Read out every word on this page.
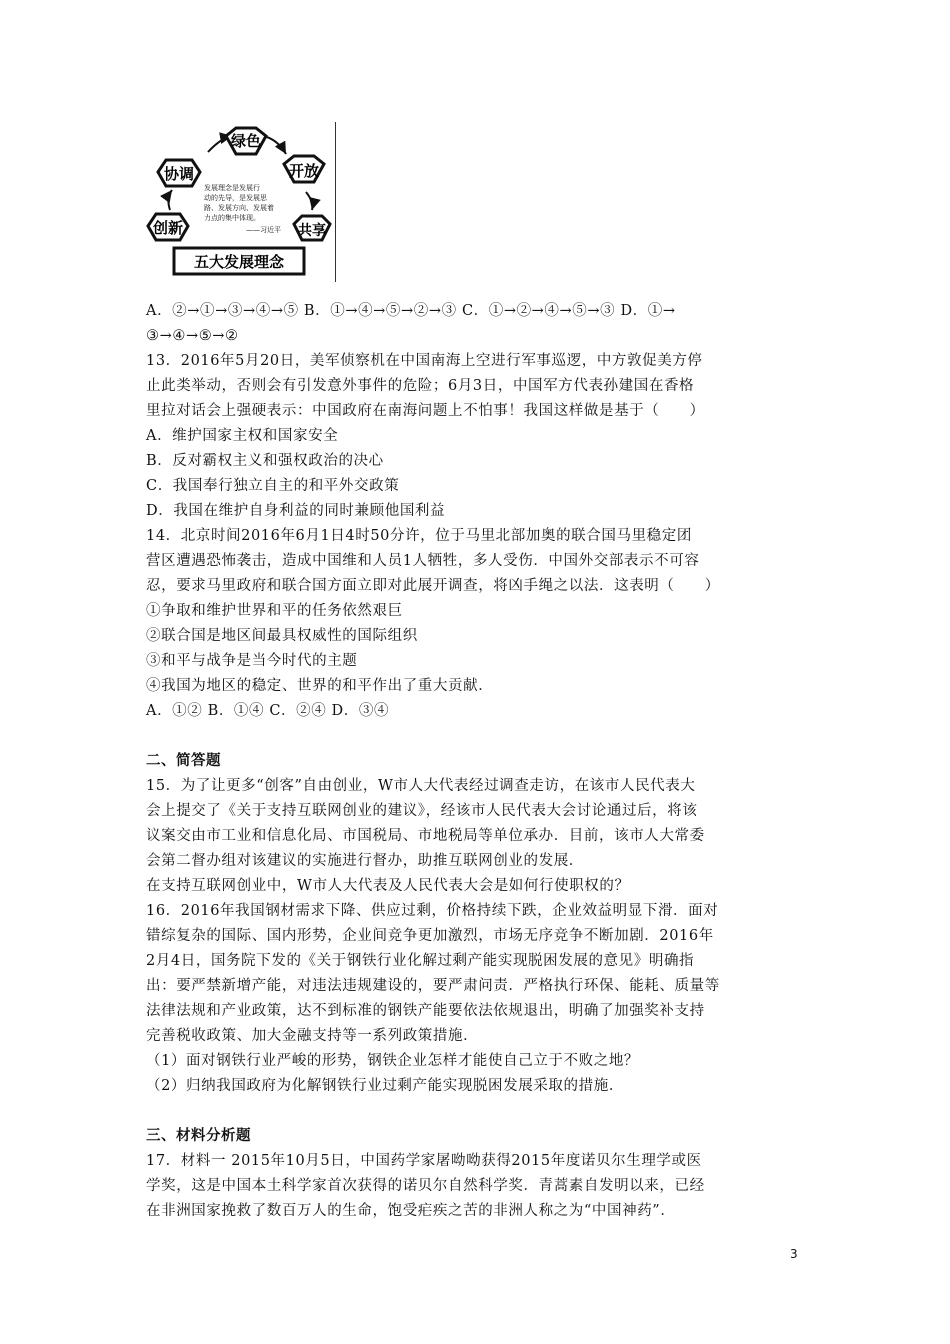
发展理念是发展行
动的先导，是发展思
路、发展方向、发展着
力点的集中体现。
——习近平
绿色
开放
共享
创新
协调
五大发展理念
A．②→①→③→④→⑤ B．①→④→⑤→②→③ C．①→②→④→⑤→③ D．①→
③→④→⑤→②
13．2016年5月20日，美军侦察机在中国南海上空进行军事巡逻，中方敦促美方停
止此类举动，否则会有引发意外事件的危险；6月3日，中国军方代表孙建国在香格
里拉对话会上强硬表示：中国政府在南海问题上不怕事！我国这样做是基于（　　）
A．维护国家主权和国家安全
B．反对霸权主义和强权政治的决心
C．我国奉行独立自主的和平外交政策
D．我国在维护自身利益的同时兼顾他国利益
14．北京时间2016年6月1日4时50分许，位于马里北部加奥的联合国马里稳定团
营区遭遇恐怖袭击，造成中国维和人员1人牺牲，多人受伤．中国外交部表示不可容
忍，要求马里政府和联合国方面立即对此展开调查，将凶手绳之以法．这表明（　　）
①争取和维护世界和平的任务依然艰巨
②联合国是地区间最具权威性的国际组织
③和平与战争是当今时代的主题
④我国为地区的稳定、世界的和平作出了重大贡献．
A．①② B．①④ C．②④ D．③④
二、简答题
15．为了让更多“创客”自由创业，W市人大代表经过调查走访，在该市人民代表大
会上提交了《关于支持互联网创业的建议》，经该市人民代表大会讨论通过后，将该
议案交由市工业和信息化局、市国税局、市地税局等单位承办．目前，该市人大常委
会第二督办组对该建议的实施进行督办，助推互联网创业的发展．
在支持互联网创业中，W市人大代表及人民代表大会是如何行使职权的？
16．2016年我国钢材需求下降、供应过剩，价格持续下跌，企业效益明显下滑．面对
错综复杂的国际、国内形势，企业间竞争更加激烈，市场无序竞争不断加剧．2016年
2月4日，国务院下发的《关于钢铁行业化解过剩产能实现脱困发展的意见》明确指
出：要严禁新增产能，对违法违规建设的，要严肃问责．严格执行环保、能耗、质量等
法律法规和产业政策，达不到标准的钢铁产能要依法依规退出，明确了加强奖补支持
完善税收政策、加大金融支持等一系列政策措施．
（1）面对钢铁行业严峻的形势，钢铁企业怎样才能使自己立于不败之地？
（2）归纳我国政府为化解钢铁行业过剩产能实现脱困发展采取的措施．
三、材料分析题
17．材料一 2015年10月5日，中国药学家屠呦呦获得2015年度诺贝尔生理学或医
学奖，这是中国本土科学家首次获得的诺贝尔自然科学奖．青蒿素自发明以来，已经
在非洲国家挽救了数百万人的生命，饱受疟疾之苦的非洲人称之为“中国神药”．
3
